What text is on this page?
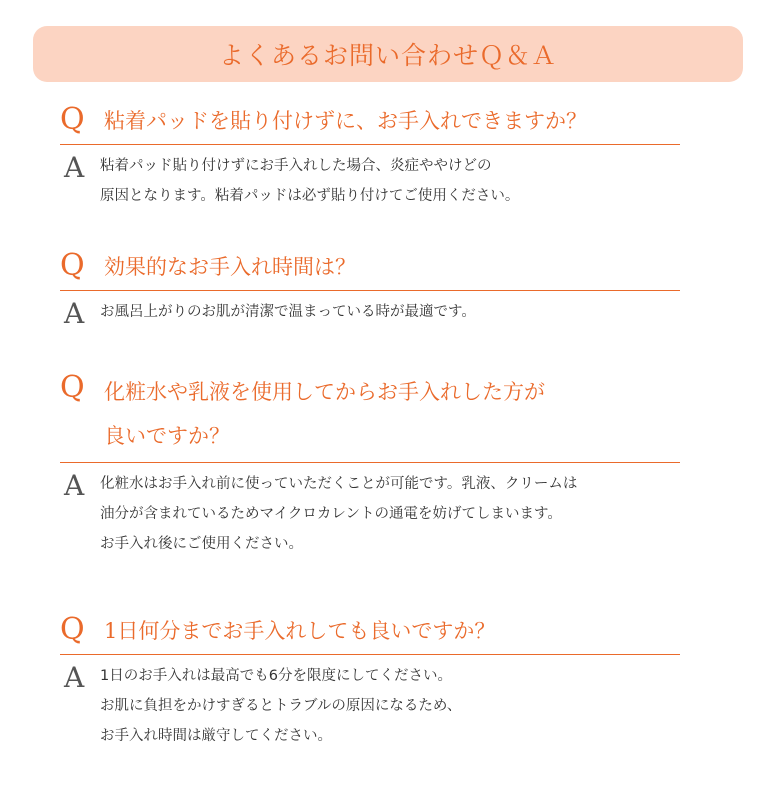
よくあるお問い合わせＱ＆Ａ
Q 粘着パッドを貼り付けずに、お手入れできますか？
A 粘着パッド貼り付けずにお手入れした場合、炎症ややけどの
原因となります。粘着パッドは必ず貼り付けてご使用ください。
Q 効果的なお手入れ時間は？
A お風呂上がりのお肌が清潔で温まっている時が最適です。
Q 化粧水や乳液を使用してからお手入れした方が
良いですか？
A 化粧水はお手入れ前に使っていただくことが可能です。乳液、クリームは
油分が含まれているためマイクロカレントの通電を妨げてしまいます。
お手入れ後にご使用ください。
Q 1日何分までお手入れしても良いですか？
A 1日のお手入れは最高でも6分を限度にしてください。
お肌に負担をかけすぎるとトラブルの原因になるため、
お手入れ時間は厳守してください。
